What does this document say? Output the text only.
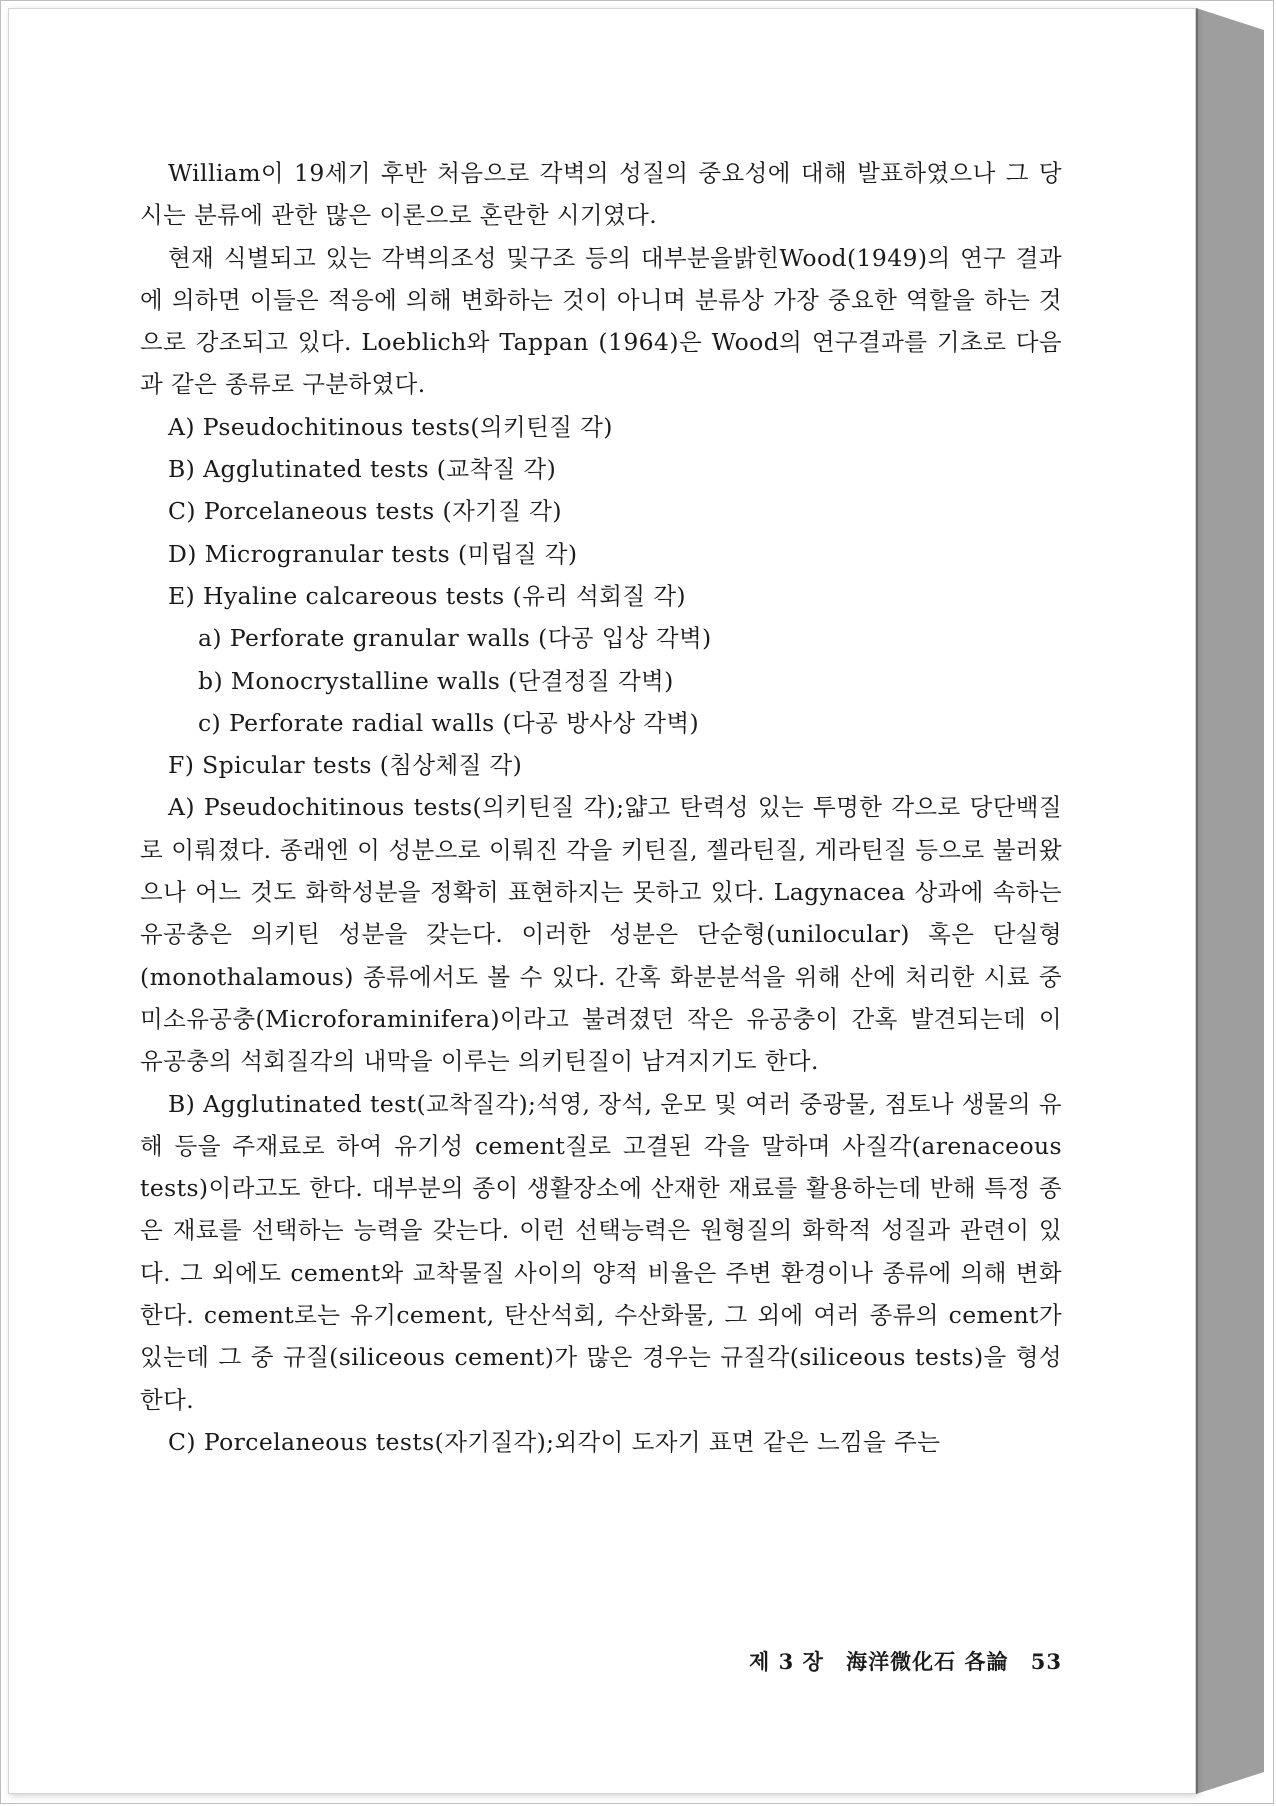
William이 19세기 후반 처음으로 각벽의 성질의 중요성에 대해 발표하였으나 그 당시는 분류에 관한 많은 이론으로 혼란한 시기였다.

현재 식별되고 있는 각벽의조성 및구조 등의 대부분을밝힌Wood(1949)의 연구 결과에 의하면 이들은 적응에 의해 변화하는 것이 아니며 분류상 가장 중요한 역할을 하는 것으로 강조되고 있다. Loeblich와 Tappan (1964)은 Wood의 연구결과를 기초로 다음과 같은 종류로 구분하였다.

A) Pseudochitinous tests(의키틴질 각)

B) Agglutinated tests (교착질 각)

C) Porcelaneous tests (자기질 각)

D) Microgranular tests (미립질 각)

E) Hyaline calcareous tests (유리 석회질 각)

a) Perforate granular walls (다공 입상 각벽)

b) Monocrystalline walls (단결정질 각벽)

c) Perforate radial walls (다공 방사상 각벽)

F) Spicular tests (침상체질 각)

A) Pseudochitinous tests(의키틴질 각);얇고 탄력성 있는 투명한 각으로 당단백질로 이뤄졌다. 종래엔 이 성분으로 이뤄진 각을 키틴질, 젤라틴질, 게라틴질 등으로 불러왔으나 어느 것도 화학성분을 정확히 표현하지는 못하고 있다. Lagynacea 상과에 속하는 유공충은 의키틴 성분을 갖는다. 이러한 성분은 단순형(unilocular) 혹은 단실형(monothalamous) 종류에서도 볼 수 있다. 간혹 화분분석을 위해 산에 처리한 시료 중 미소유공충(Microforaminifera)이라고 불려졌던 작은 유공충이 간혹 발견되는데 이 유공충의 석회질각의 내막을 이루는 의키틴질이 남겨지기도 한다.

B) Agglutinated test(교착질각);석영, 장석, 운모 및 여러 중광물, 점토나 생물의 유해 등을 주재료로 하여 유기성 cement질로 고결된 각을 말하며 사질각(arenaceous tests)이라고도 한다. 대부분의 종이 생활장소에 산재한 재료를 활용하는데 반해 특정 종은 재료를 선택하는 능력을 갖는다. 이런 선택능력은 원형질의 화학적 성질과 관련이 있다. 그 외에도 cement와 교착물질 사이의 양적 비율은 주변 환경이나 종류에 의해 변화한다. cement로는 유기cement, 탄산석회, 수산화물, 그 외에 여러 종류의 cement가 있는데 그 중 규질(siliceous cement)가 많은 경우는 규질각(siliceous tests)을 형성한다.

C) Porcelaneous tests(자기질각);외각이 도자기 표면 같은 느낌을 주는

제 3 장 海洋微化石 各論 53
